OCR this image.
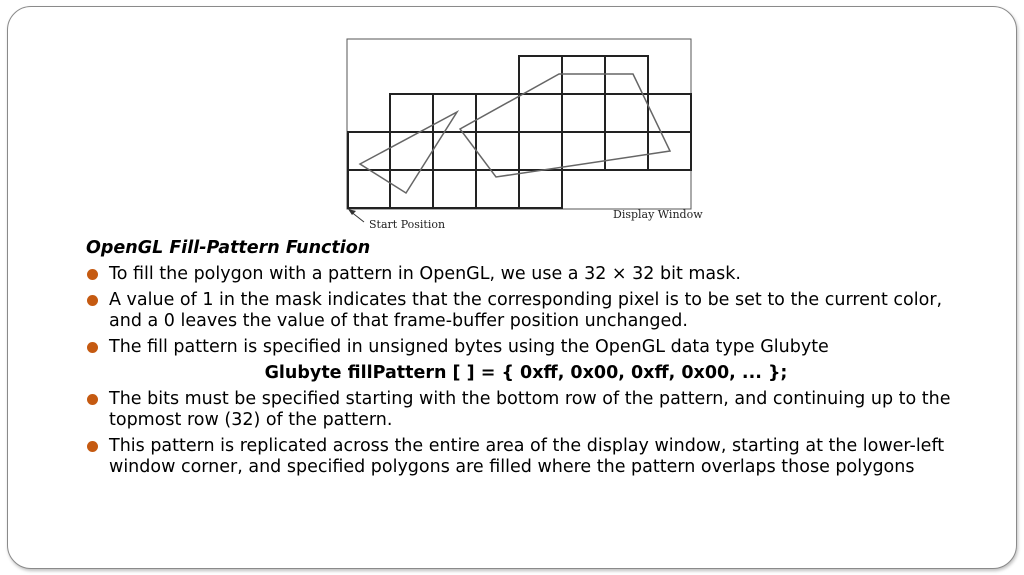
Start Position
Display Window
OpenGL Fill-Pattern Function
To fill the polygon with a pattern in OpenGL, we use a 32 × 32 bit mask.
A value of 1 in the mask indicates that the corresponding pixel is to be set to the current color, and a 0 leaves the value of that frame-buffer position unchanged.
The fill pattern is specified in unsigned bytes using the OpenGL data type Glubyte
Glubyte fillPattern [ ] = { 0xff, 0x00, 0xff, 0x00, ... };
The bits must be specified starting with the bottom row of the pattern, and continuing up to the topmost row (32) of the pattern.
This pattern is replicated across the entire area of the display window, starting at the lower-left window corner, and specified polygons are filled where the pattern overlaps those polygons
